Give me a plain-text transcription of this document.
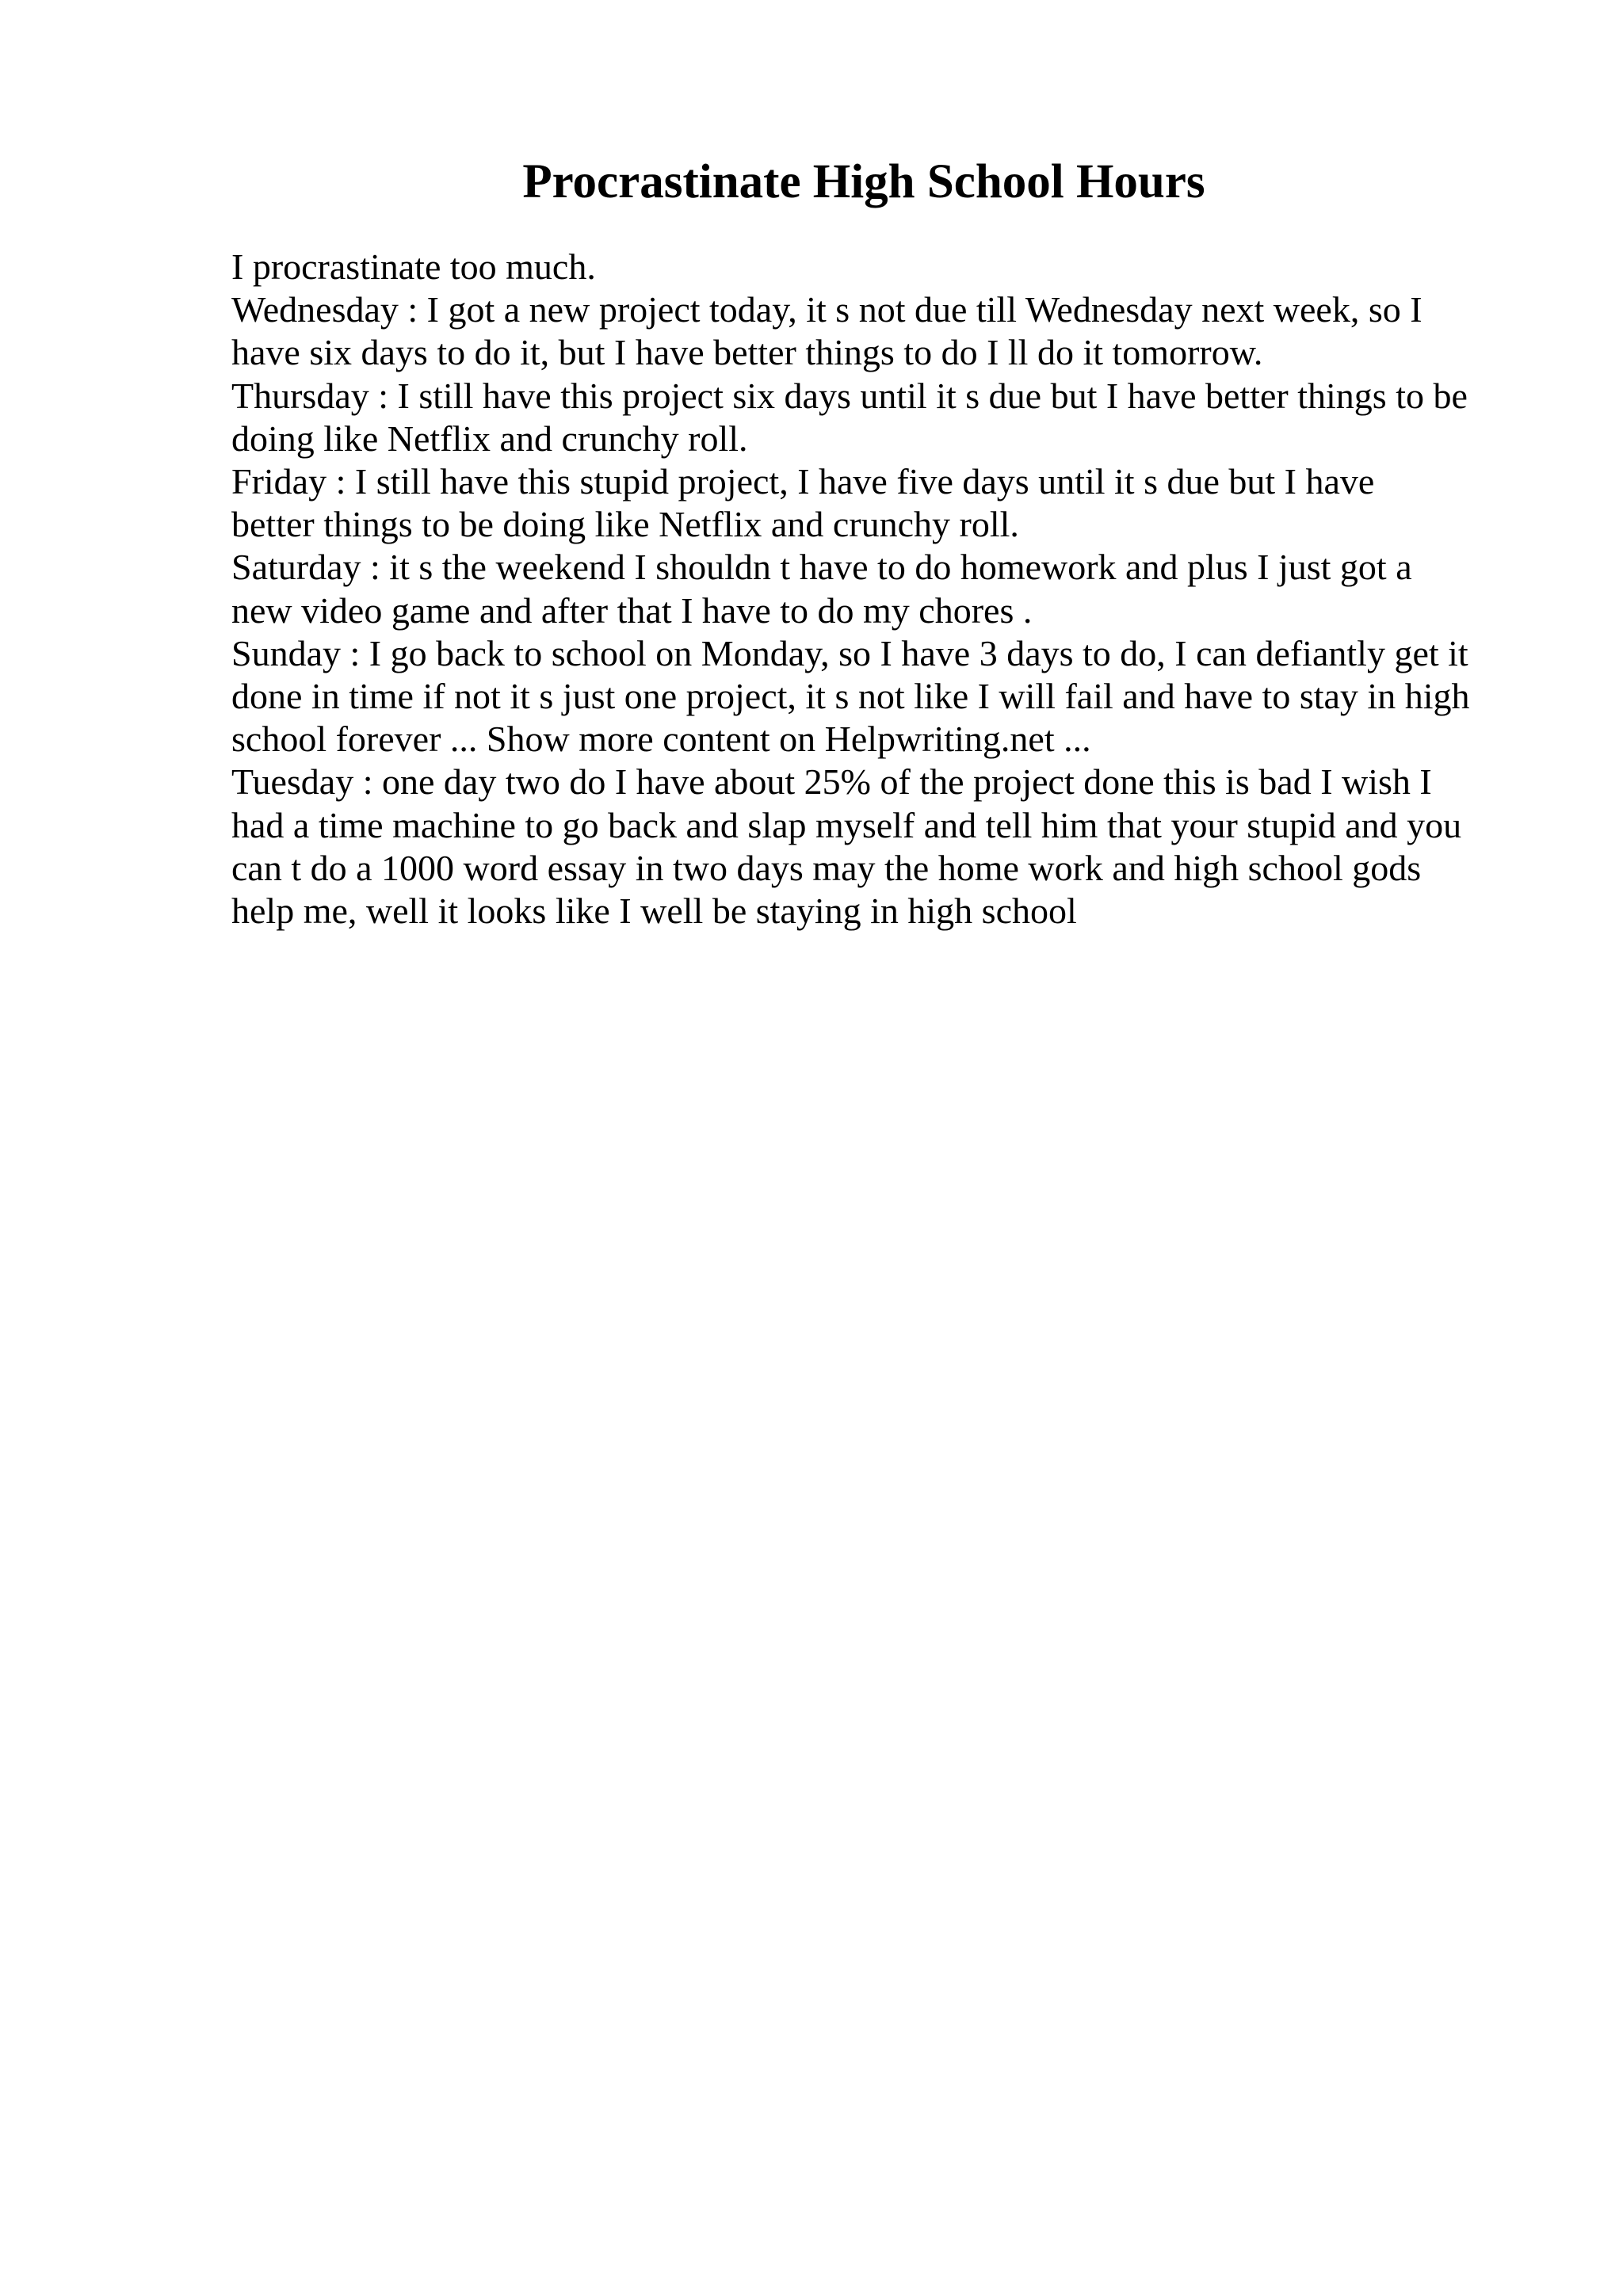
Procrastinate High School Hours
I procrastinate too much.
Wednesday : I got a new project today, it s not due till Wednesday next week, so I
have six days to do it, but I have better things to do I ll do it tomorrow.
Thursday : I still have this project six days until it s due but I have better things to be
doing like Netflix and crunchy roll.
Friday : I still have this stupid project, I have five days until it s due but I have
better things to be doing like Netflix and crunchy roll.
Saturday : it s the weekend I shouldn t have to do homework and plus I just got a
new video game and after that I have to do my chores .
Sunday : I go back to school on Monday, so I have 3 days to do, I can defiantly get it
done in time if not it s just one project, it s not like I will fail and have to stay in high
school forever ... Show more content on Helpwriting.net ...
Tuesday : one day two do I have about 25% of the project done this is bad I wish I
had a time machine to go back and slap myself and tell him that your stupid and you
can t do a 1000 word essay in two days may the home work and high school gods
help me, well it looks like I well be staying in high school
